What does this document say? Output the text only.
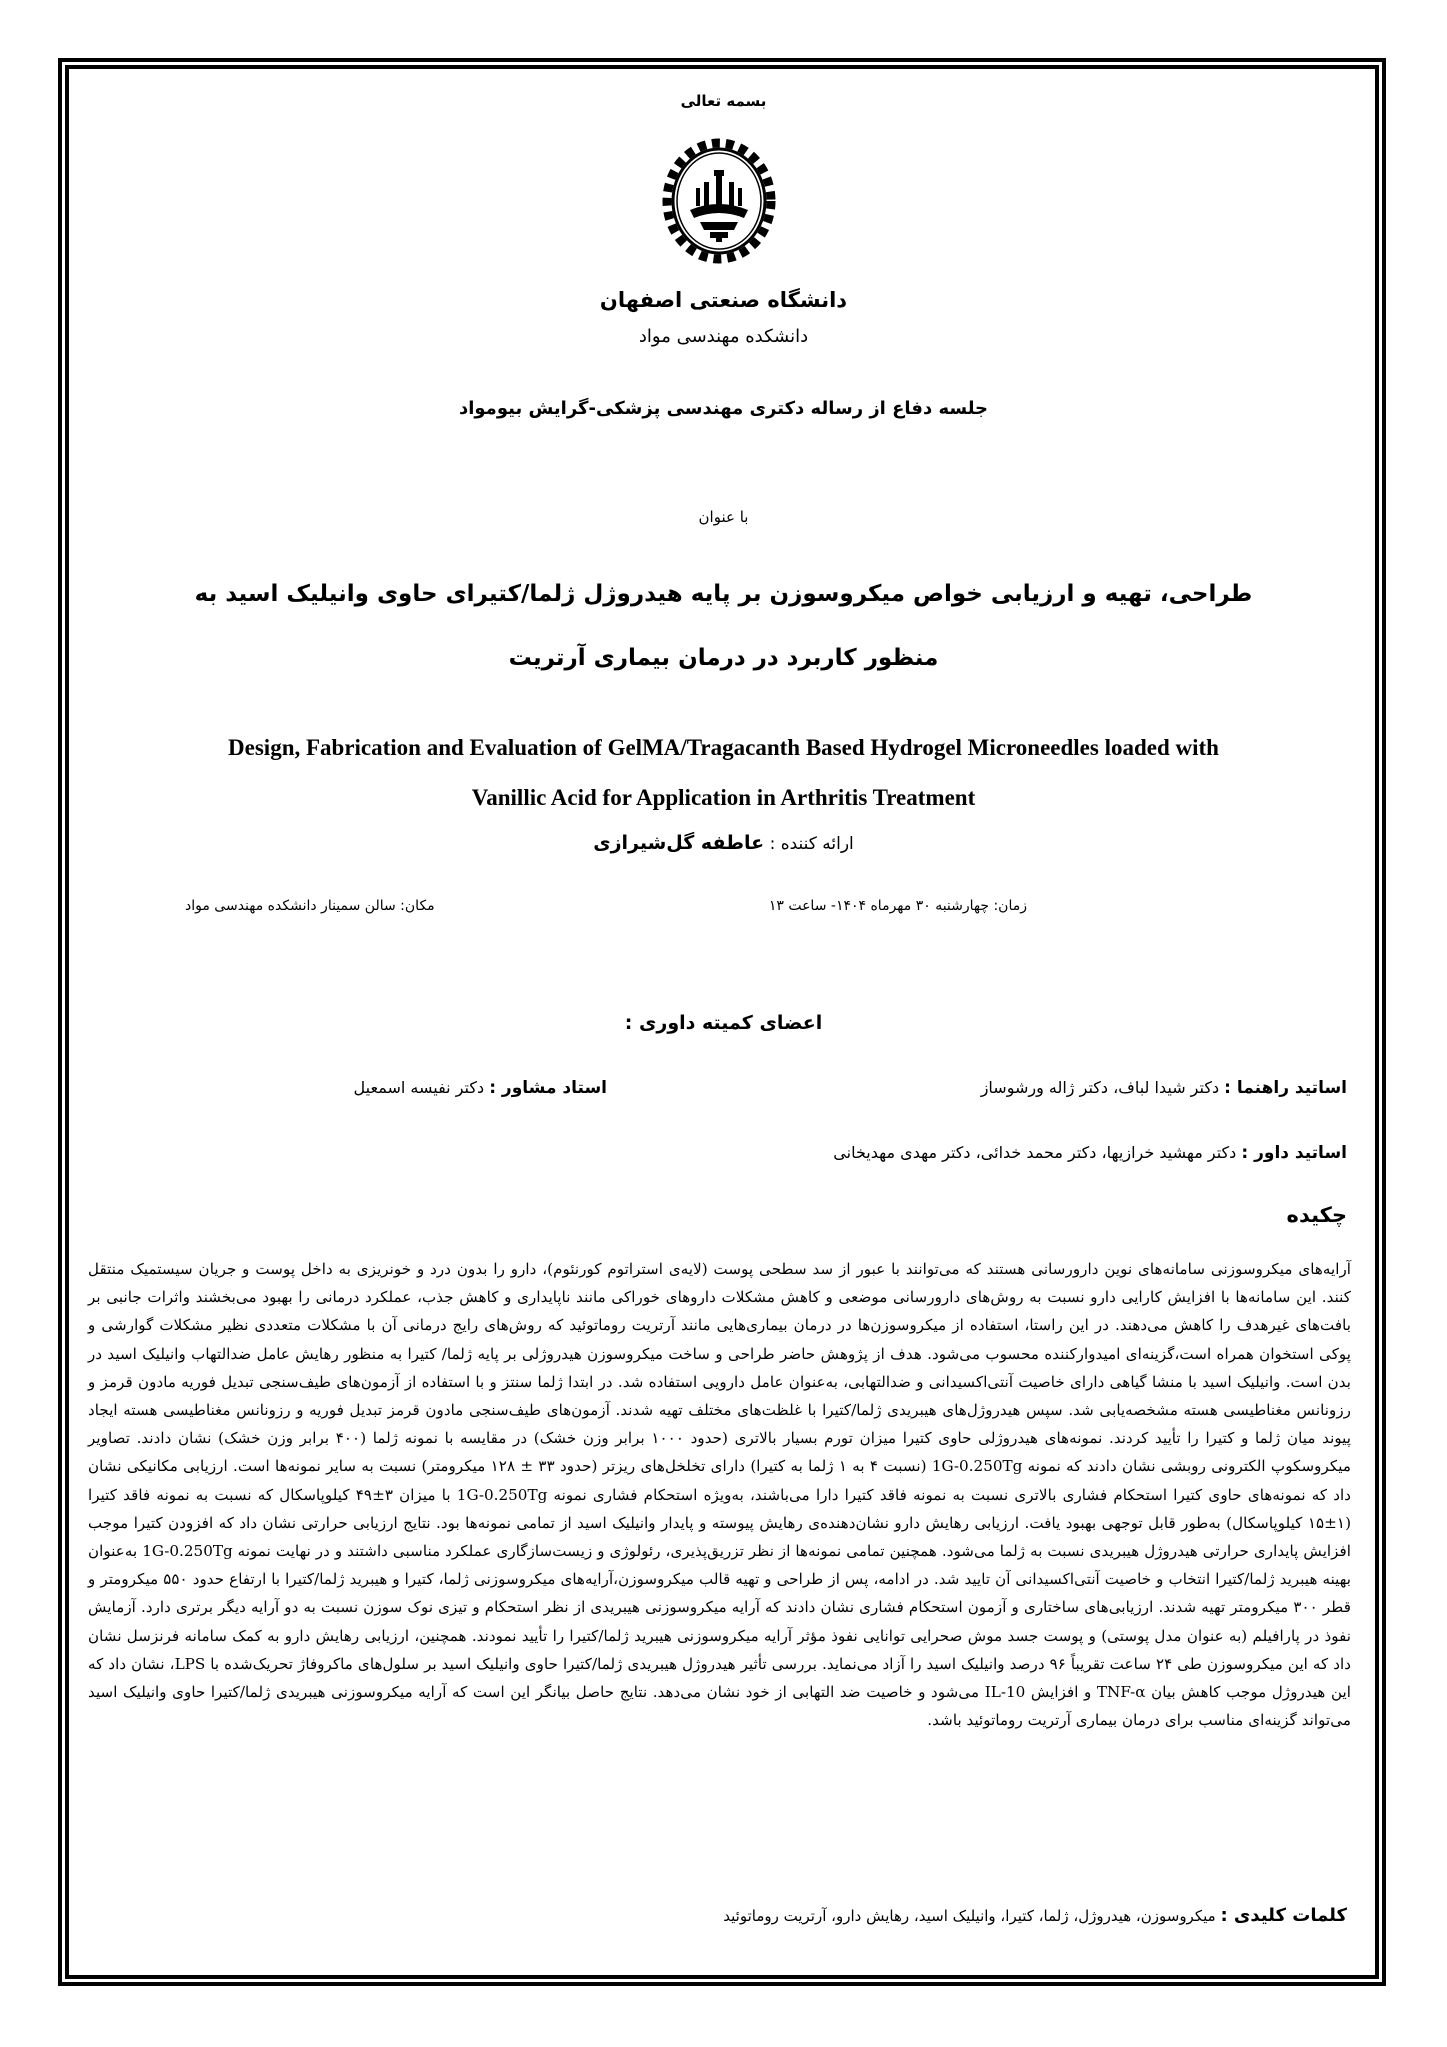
بسمه تعالی
دانشگاه صنعتی اصفهان
دانشکده مهندسی مواد
جلسه دفاع از رساله دکتری مهندسی پزشکی-گرایش بیومواد
با عنوان
طراحی، تهیه و ارزیابی خواص میکروسوزن بر پایه هیدروژل ژلما/کتیرای حاوی وانیلیک اسید به منظور کاربرد در درمان بیماری آرتریت
Design, Fabrication and Evaluation of GelMA/Tragacanth Based Hydrogel Microneedles loaded with Vanillic Acid for Application in Arthritis Treatment
ارائه کننده : عاطفه گل‌شیرازی
زمان: چهارشنبه ۳۰ مهرماه ۱۴۰۴- ساعت ۱۳
مکان: سالن سمینار دانشکده مهندسی مواد
اعضای کمیته داوری :
اساتید راهنما : دکتر شیدا لباف، دکتر ژاله ورشوساز
استاد مشاور : دکتر نفیسه اسمعیل
اساتید داور : دکتر مهشید خرازیها، دکتر محمد خدائی، دکتر مهدی مهدیخانی
چکیده
آرایه‌های میکروسوزنی سامانه‌های نوین دارورسانی هستند که می‌توانند با عبور از سد سطحی پوست (لایه‌ی استراتوم کورنئوم)، دارو را بدون درد و خونریزی به داخل پوست و جریان سیستمیک منتقل کنند. این سامانه‌ها با افزایش کارایی دارو نسبت به روش‌های دارورسانی موضعی و کاهش مشکلات داروهای خوراکی مانند ناپایداری و کاهش جذب، عملکرد درمانی را بهبود می‌بخشند واثرات جانبی بر بافت‌های غیرهدف را کاهش می‌دهند. در این راستا، استفاده از میکروسوزن‌ها در درمان بیماری‌هایی مانند آرتریت روماتوئید که روش‌های رایج درمانی آن با مشکلات متعددی نظیر مشکلات گوارشی و پوکی استخوان همراه است،گزینه‌ای امیدوارکننده محسوب می‌شود. هدف از پژوهش حاضر طراحی و ساخت میکروسوزن هیدروژلی بر پایه ژلما/ کتیرا به منظور رهایش عامل ضدالتهاب وانیلیک اسید در بدن است. وانیلیک اسید با منشا گیاهی دارای خاصیت آنتی‌اکسیدانی و ضدالتهابی، به‌عنوان عامل دارویی استفاده شد. در ابتدا ژلما سنتز و با استفاده از آزمون‌های طیف‌سنجی تبدیل فوریه مادون قرمز و رزونانس مغناطیسی هسته مشخصه‌یابی شد. سپس هیدروژل‌های هیبریدی ژلما/کتیرا با غلظت‌های مختلف تهیه شدند. آزمون‌های طیف‌سنجی مادون قرمز تبدیل فوریه و رزونانس مغناطیسی هسته ایجاد پیوند میان ژلما و کتیرا را تأیید کردند. نمونه‌های هیدروژلی حاوی کتیرا میزان تورم بسیار بالاتری (حدود ۱۰۰۰ برابر وزن خشک) در مقایسه با نمونه ژلما (۴۰۰ برابر وزن خشک) نشان دادند. تصاویر میکروسکوپ الکترونی روبشی نشان دادند که نمونه 1G-0.250Tg (نسبت ۴ به ۱ ژلما به کتیرا) دارای تخلخل‌های ریزتر (حدود ۳۳ ± ۱۲۸ میکرومتر) نسبت به سایر نمونه‌ها است. ارزیابی مکانیکی نشان داد که نمونه‌های حاوی کتیرا استحکام فشاری بالاتری نسبت به نمونه فاقد کتیرا دارا می‌باشند، به‌ویژه استحکام فشاری نمونه 1G-0.250Tg با میزان ۳±۴۹ کیلوپاسکال که نسبت به نمونه فاقد کتیرا (۱±۱۵ کیلوپاسکال) به‌طور قابل توجهی بهبود یافت. ارزیابی رهایش دارو نشان‌دهنده‌ی رهایش پیوسته و پایدار وانیلیک اسید از تمامی نمونه‌ها بود. نتایج ارزیابی حرارتی نشان داد که افزودن کتیرا موجب افزایش پایداری حرارتی هیدروژل هیبریدی نسبت به ژلما می‌شود. همچنین تمامی نمونه‌ها از نظر تزریق‌پذیری، رئولوژی و زیست‌سازگاری عملکرد مناسبی داشتند و در نهایت نمونه 1G-0.250Tg به‌عنوان بهینه هیبرید ژلما/کتیرا انتخاب و خاصیت آنتی‌اکسیدانی آن تایید شد. در ادامه، پس از طراحی و تهیه قالب میکروسوزن،آرایه‌های میکروسوزنی ژلما، کتیرا و هیبرید ژلما/کتیرا با ارتفاع حدود ۵۵۰ میکرومتر و قطر ۳۰۰ میکرومتر تهیه شدند. ارزیابی‌های ساختاری و آزمون استحکام فشاری نشان دادند که آرایه میکروسوزنی هیبریدی از نظر استحکام و تیزی نوک سوزن نسبت به دو آرایه دیگر برتری دارد. آزمایش نفوذ در پارافیلم (به عنوان مدل پوستی) و پوست جسد موش صحرایی توانایی نفوذ مؤثر آرایه میکروسوزنی هیبرید ژلما/کتیرا را تأیید نمودند. همچنین، ارزیابی رهایش دارو به کمک سامانه فرنزسل نشان داد که این میکروسوزن طی ۲۴ ساعت تقریباً ۹۶ درصد وانیلیک اسید را آزاد می‌نماید. بررسی تأثیر هیدروژل هیبریدی ژلما/کتیرا حاوی وانیلیک اسید بر سلول‌های ماکروفاژ تحریک‌شده با LPS، نشان داد که این هیدروژل موجب کاهش بیان TNF-α و افزایش IL-10 می‌شود و خاصیت ضد التهابی از خود نشان می‌دهد. نتایج حاصل بیانگر این است که آرایه میکروسوزنی هیبریدی ژلما/کتیرا حاوی وانیلیک اسید می‌تواند گزینه‌ای مناسب برای درمان بیماری آرتریت روماتوئید باشد.
کلمات کلیدی : میکروسوزن، هیدروژل، ژلما، کتیرا، وانیلیک اسید، رهایش دارو، آرتریت روماتوئید
